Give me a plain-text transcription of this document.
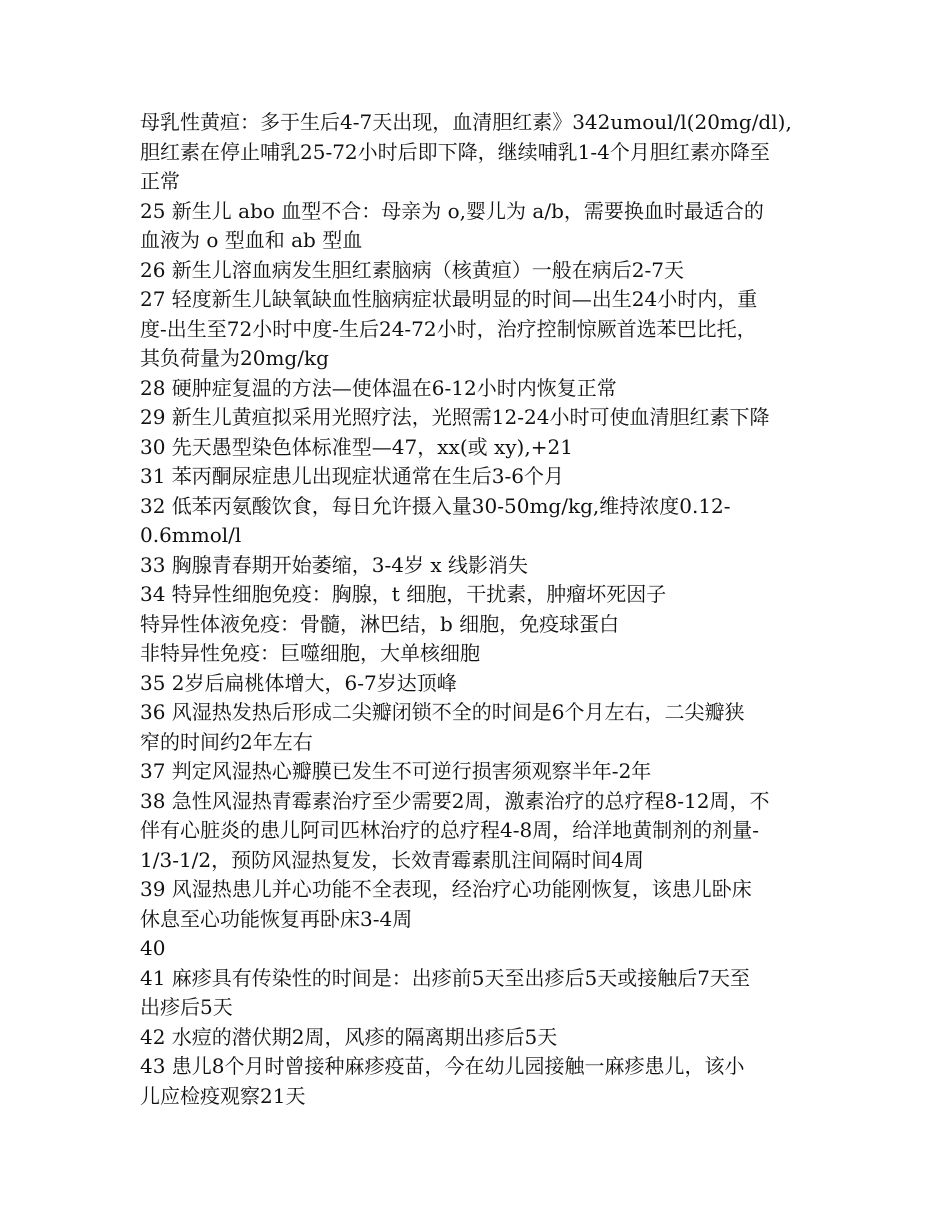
母乳性黄疸：多于生后4-7天出现，血清胆红素》342umoul/l(20mg/dl),
胆红素在停止哺乳25-72小时后即下降，继续哺乳1-4个月胆红素亦降至
正常
25 新生儿 abo 血型不合：母亲为 o,婴儿为 a/b，需要换血时最适合的
血液为 o 型血和 ab 型血
26 新生儿溶血病发生胆红素脑病（核黄疸）一般在病后2-7天
27 轻度新生儿缺氧缺血性脑病症状最明显的时间—出生24小时内，重
度-出生至72小时中度-生后24-72小时，治疗控制惊厥首选苯巴比托，
其负荷量为20mg/kg
28 硬肿症复温的方法—使体温在6-12小时内恢复正常
29 新生儿黄疸拟采用光照疗法，光照需12-24小时可使血清胆红素下降
30 先天愚型染色体标准型—47，xx(或 xy),+21
31 苯丙酮尿症患儿出现症状通常在生后3-6个月
32 低苯丙氨酸饮食，每日允许摄入量30-50mg/kg,维持浓度0.12-
0.6mmol/l
33 胸腺青春期开始萎缩，3-4岁 x 线影消失
34 特异性细胞免疫：胸腺，t 细胞，干扰素，肿瘤坏死因子
特异性体液免疫：骨髓，淋巴结，b 细胞，免疫球蛋白
非特异性免疫：巨噬细胞，大单核细胞
35 2岁后扁桃体增大，6-7岁达顶峰
36 风湿热发热后形成二尖瓣闭锁不全的时间是6个月左右，二尖瓣狭
窄的时间约2年左右
37 判定风湿热心瓣膜已发生不可逆行损害须观察半年-2年
38 急性风湿热青霉素治疗至少需要2周，激素治疗的总疗程8-12周，不
伴有心脏炎的患儿阿司匹林治疗的总疗程4-8周，给洋地黄制剂的剂量-
1/3-1/2，预防风湿热复发，长效青霉素肌注间隔时间4周
39 风湿热患儿并心功能不全表现，经治疗心功能刚恢复，该患儿卧床
休息至心功能恢复再卧床3-4周
40
41 麻疹具有传染性的时间是：出疹前5天至出疹后5天或接触后7天至
出疹后5天
42 水痘的潜伏期2周，风疹的隔离期出疹后5天
43 患儿8个月时曾接种麻疹疫苗，今在幼儿园接触一麻疹患儿，该小
儿应检疫观察21天
